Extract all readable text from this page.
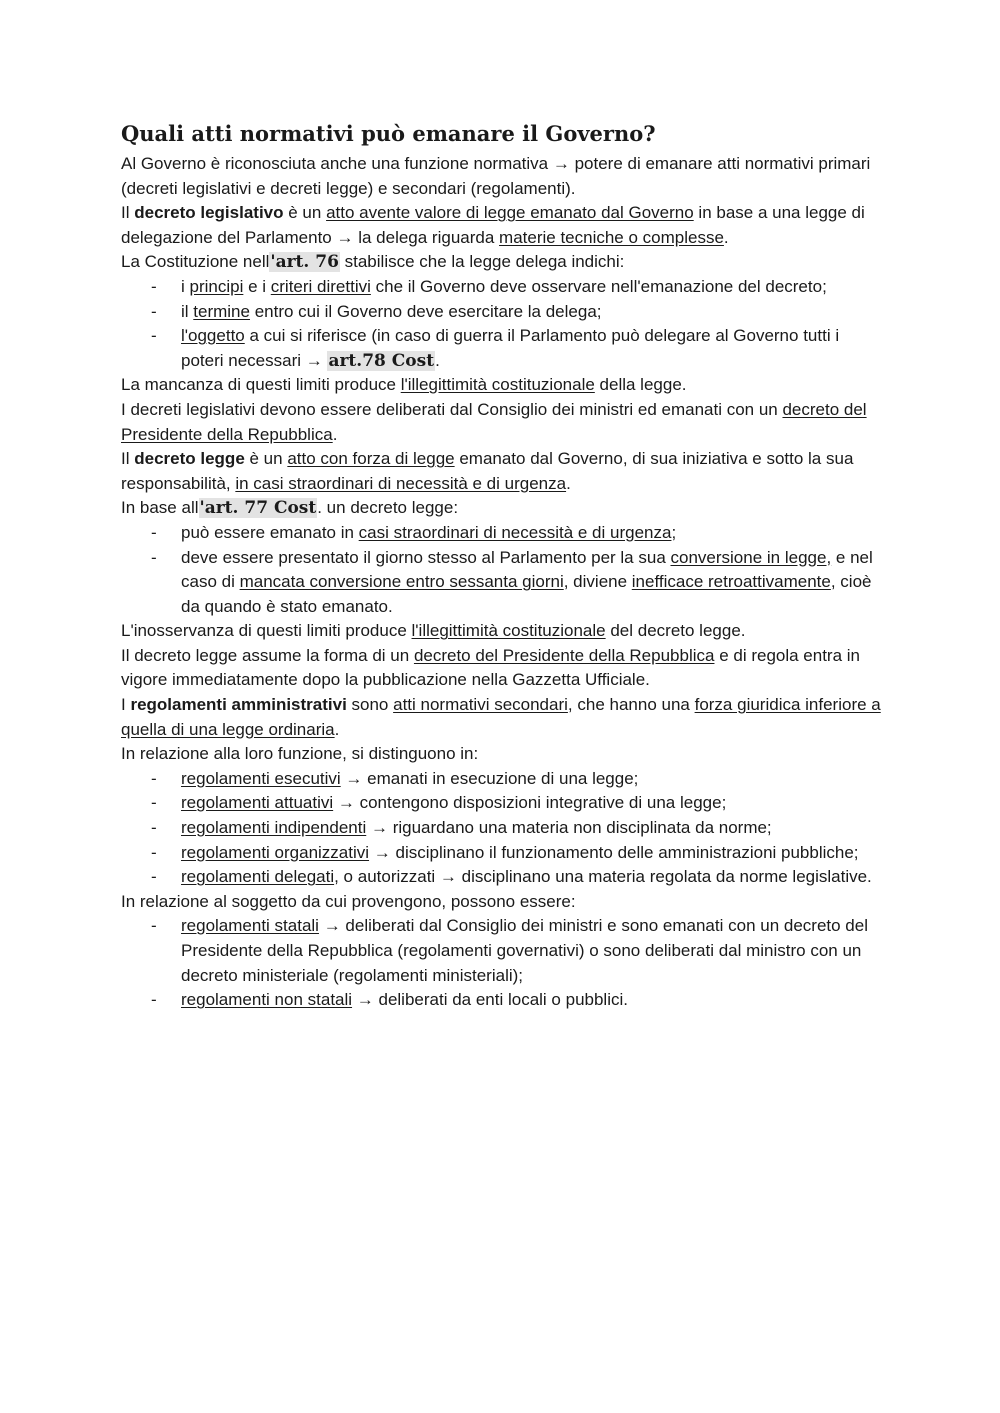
Quali atti normativi può emanare il Governo?

Al Governo è riconosciuta anche una funzione normativa → potere di emanare atti normativi primari (decreti legislativi e decreti legge) e secondari (regolamenti).

Il decreto legislativo è un atto avente valore di legge emanato dal Governo in base a una legge di delegazione del Parlamento → la delega riguarda materie tecniche o complesse.

La Costituzione nell'art. 76 stabilisce che la legge delega indichi:

- i principi e i criteri direttivi che il Governo deve osservare nell'emanazione del decreto;
- il termine entro cui il Governo deve esercitare la delega;
- l'oggetto a cui si riferisce (in caso di guerra il Parlamento può delegare al Governo tutti i poteri necessari → art.78 Cost.

La mancanza di questi limiti produce l'illegittimità costituzionale della legge.

I decreti legislativi devono essere deliberati dal Consiglio dei ministri ed emanati con un decreto del Presidente della Repubblica.

Il decreto legge è un atto con forza di legge emanato dal Governo, di sua iniziativa e sotto la sua responsabilità, in casi straordinari di necessità e di urgenza.

In base all'art. 77 Cost. un decreto legge:

- può essere emanato in casi straordinari di necessità e di urgenza;
- deve essere presentato il giorno stesso al Parlamento per la sua conversione in legge, e nel caso di mancata conversione entro sessanta giorni, diviene inefficace retroattivamente, cioè da quando è stato emanato.

L'inosservanza di questi limiti produce l'illegittimità costituzionale del decreto legge.

Il decreto legge assume la forma di un decreto del Presidente della Repubblica e di regola entra in vigore immediatamente dopo la pubblicazione nella Gazzetta Ufficiale.

I regolamenti amministrativi sono atti normativi secondari, che hanno una forza giuridica inferiore a quella di una legge ordinaria.

In relazione alla loro funzione, si distinguono in:

- regolamenti esecutivi → emanati in esecuzione di una legge;
- regolamenti attuativi → contengono disposizioni integrative di una legge;
- regolamenti indipendenti → riguardano una materia non disciplinata da norme;
- regolamenti organizzativi → disciplinano il funzionamento delle amministrazioni pubbliche;
- regolamenti delegati, o autorizzati → disciplinano una materia regolata da norme legislative.

In relazione al soggetto da cui provengono, possono essere:

- regolamenti statali → deliberati dal Consiglio dei ministri e sono emanati con un decreto del Presidente della Repubblica (regolamenti governativi) o sono deliberati dal ministro con un decreto ministeriale (regolamenti ministeriali);
- regolamenti non statali → deliberati da enti locali o pubblici.
